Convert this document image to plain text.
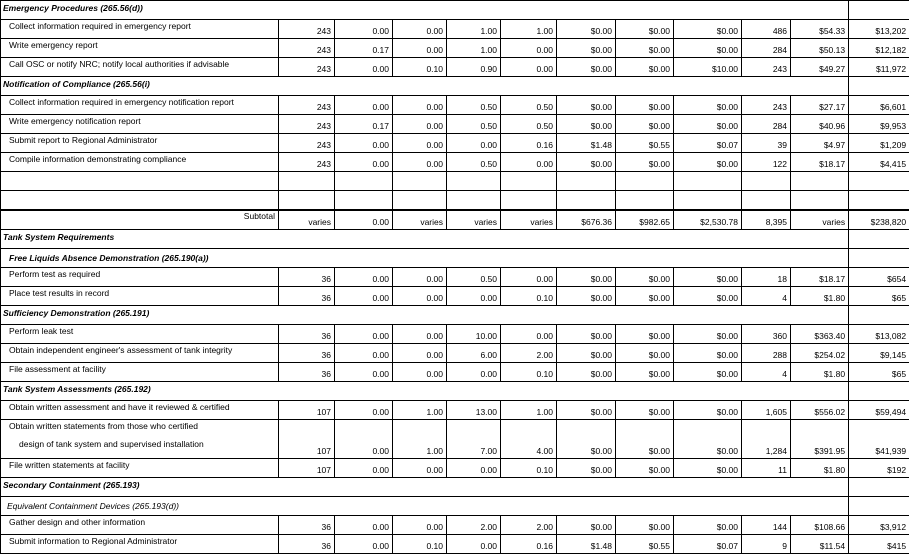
Emergency Procedures (265.56(d))											

Collect information required in emergency report	243	0.00	0.00	1.00	1.00	$0.00	$0.00	$0.00	486	$54.33	$13,202

Write emergency report	243	0.17	0.00	1.00	0.00	$0.00	$0.00	$0.00	284	$50.13	$12,182

Call OSC or notify NRC; notify local authorities if advisable	243	0.00	0.10	0.90	0.00	$0.00	$0.00	$10.00	243	$49.27	$11,972
Notification of Compliance (265.56(i)											

Collect information required in emergency notification report	243	0.00	0.00	0.50	0.50	$0.00	$0.00	$0.00	243	$27.17	$6,601

Write emergency notification report	243	0.17	0.00	0.50	0.50	$0.00	$0.00	$0.00	284	$40.96	$9,953

Submit report to Regional Administrator	243	0.00	0.00	0.00	0.16	$1.48	$0.55	$0.07	39	$4.97	$1,209

Compile information demonstrating compliance	243	0.00	0.00	0.50	0.00	$0.00	$0.00	$0.00	122	$18.17	$4,415

Subtotal	varies	0.00	varies	varies	varies	$676.36	$982.65	$2,530.78	8,395	varies	$238,820
Tank System Requirements											
Free Liquids Absence Demonstration (265.190(a))											

Perform test as required	36	0.00	0.00	0.50	0.00	$0.00	$0.00	$0.00	18	$18.17	$654

Place test results in record	36	0.00	0.00	0.00	0.10	$0.00	$0.00	$0.00	4	$1.80	$65
Sufficiency Demonstration (265.191)											

Perform leak test	36	0.00	0.00	10.00	0.00	$0.00	$0.00	$0.00	360	$363.40	$13,082

Obtain independent engineer's assessment of tank integrity	36	0.00	0.00	6.00	2.00	$0.00	$0.00	$0.00	288	$254.02	$9,145

File assessment at facility	36	0.00	0.00	0.00	0.10	$0.00	$0.00	$0.00	4	$1.80	$65
Tank System Assessments (265.192)											

Obtain written assessment and have it reviewed & certified	107	0.00	1.00	13.00	1.00	$0.00	$0.00	$0.00	1,605	$556.02	$59,494

Obtain written statements from those who certified
design of tank system and supervised installation	107	0.00	1.00	7.00	4.00	$0.00	$0.00	$0.00	1,284	$391.95	$41,939

File written statements at facility	107	0.00	0.00	0.00	0.10	$0.00	$0.00	$0.00	11	$1.80	$192
Secondary Containment (265.193)											
Equivalent Containment Devices (265.193(d))											

Gather design and other information	36	0.00	0.00	2.00	2.00	$0.00	$0.00	$0.00	144	$108.66	$3,912

Submit information to Regional Administrator	36	0.00	0.10	0.00	0.16	$1.48	$0.55	$0.07	9	$11.54	$415
